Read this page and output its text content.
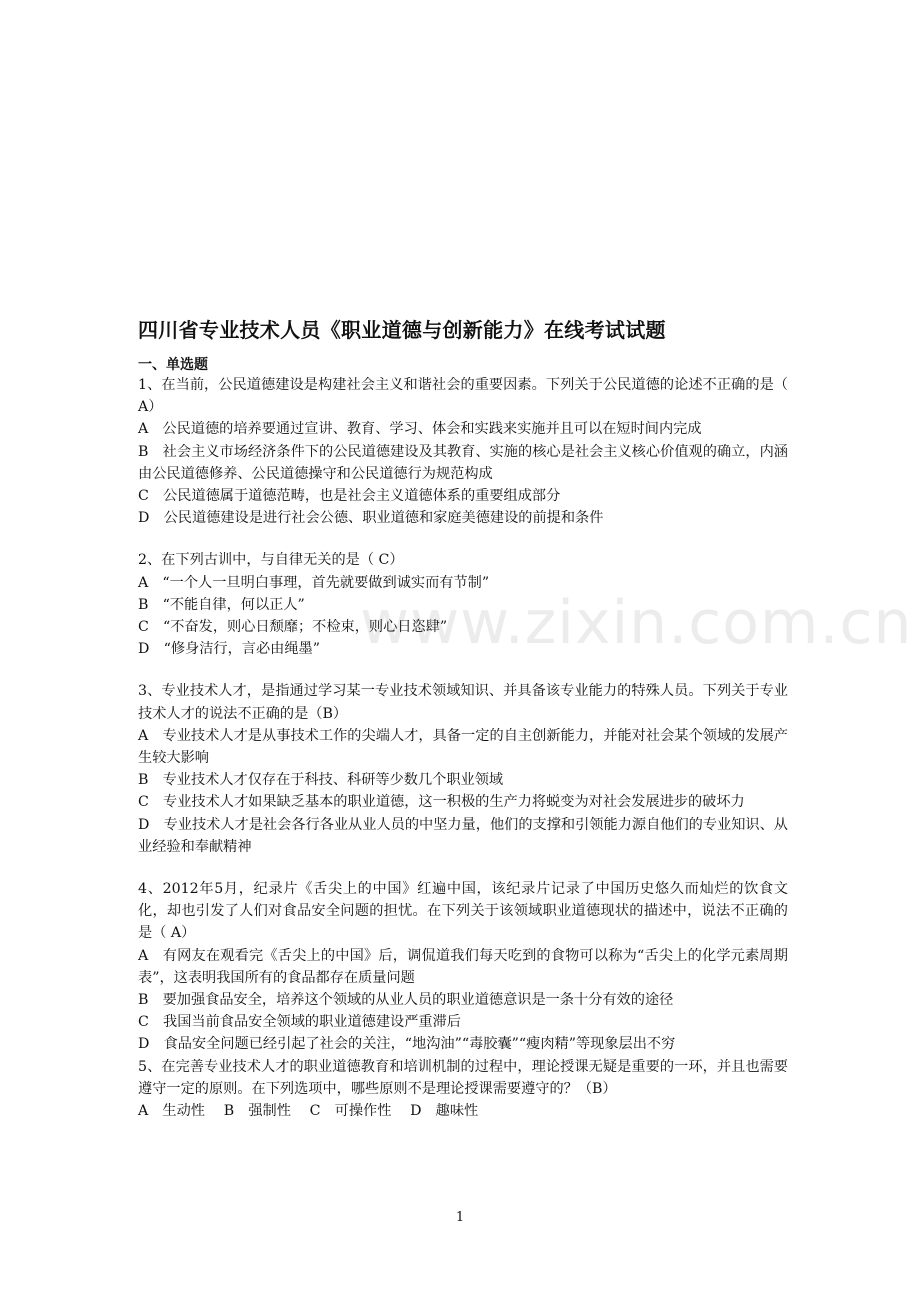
www.zixin.com.cn
四川省专业技术人员《职业道德与创新能力》在线考试试题
一、单选题
1、在当前，公民道德建设是构建社会主义和谐社会的重要因素。下列关于公民道德的论述不正确的是（ A）
A　公民道德的培养要通过宣讲、教育、学习、体会和实践来实施并且可以在短时间内完成
B　社会主义市场经济条件下的公民道德建设及其教育、实施的核心是社会主义核心价值观的确立，内涵由公民道德修养、公民道德操守和公民道德行为规范构成
C　公民道德属于道德范畴，也是社会主义道德体系的重要组成部分
D　公民道德建设是进行社会公德、职业道德和家庭美德建设的前提和条件
2、在下列古训中，与自律无关的是（ C）
A　“一个人一旦明白事理，首先就要做到诚实而有节制”
B　“不能自律，何以正人”
C　“不奋发，则心日颓靡；不检束，则心日恣肆”
D　“修身洁行，言必由绳墨”
3、专业技术人才，是指通过学习某一专业技术领域知识、并具备该专业能力的特殊人员。下列关于专业技术人才的说法不正确的是（B）
A　专业技术人才是从事技术工作的尖端人才，具备一定的自主创新能力，并能对社会某个领域的发展产生较大影响
B　专业技术人才仅存在于科技、科研等少数几个职业领域
C　专业技术人才如果缺乏基本的职业道德，这一积极的生产力将蜕变为对社会发展进步的破坏力
D　专业技术人才是社会各行各业从业人员的中坚力量，他们的支撑和引领能力源自他们的专业知识、从业经验和奉献精神
4、2012年5月，纪录片《舌尖上的中国》红遍中国，该纪录片记录了中国历史悠久而灿烂的饮食文化，却也引发了人们对食品安全问题的担忧。在下列关于该领域职业道德现状的描述中，说法不正确的是（ A）
A　有网友在观看完《舌尖上的中国》后，调侃道我们每天吃到的食物可以称为“舌尖上的化学元素周期表”，这表明我国所有的食品都存在质量问题
B　要加强食品安全，培养这个领域的从业人员的职业道德意识是一条十分有效的途径
C　我国当前食品安全领域的职业道德建设严重滞后
D　食品安全问题已经引起了社会的关注，“地沟油”“毒胶囊”“瘦肉精”等现象层出不穷
5、在完善专业技术人才的职业道德教育和培训机制的过程中，理论授课无疑是重要的一环，并且也需要遵守一定的原则。在下列选项中，哪些原则不是理论授课需要遵守的？（B）
A　生动性　 B　强制性　 C　可操作性　 D　趣味性
1
